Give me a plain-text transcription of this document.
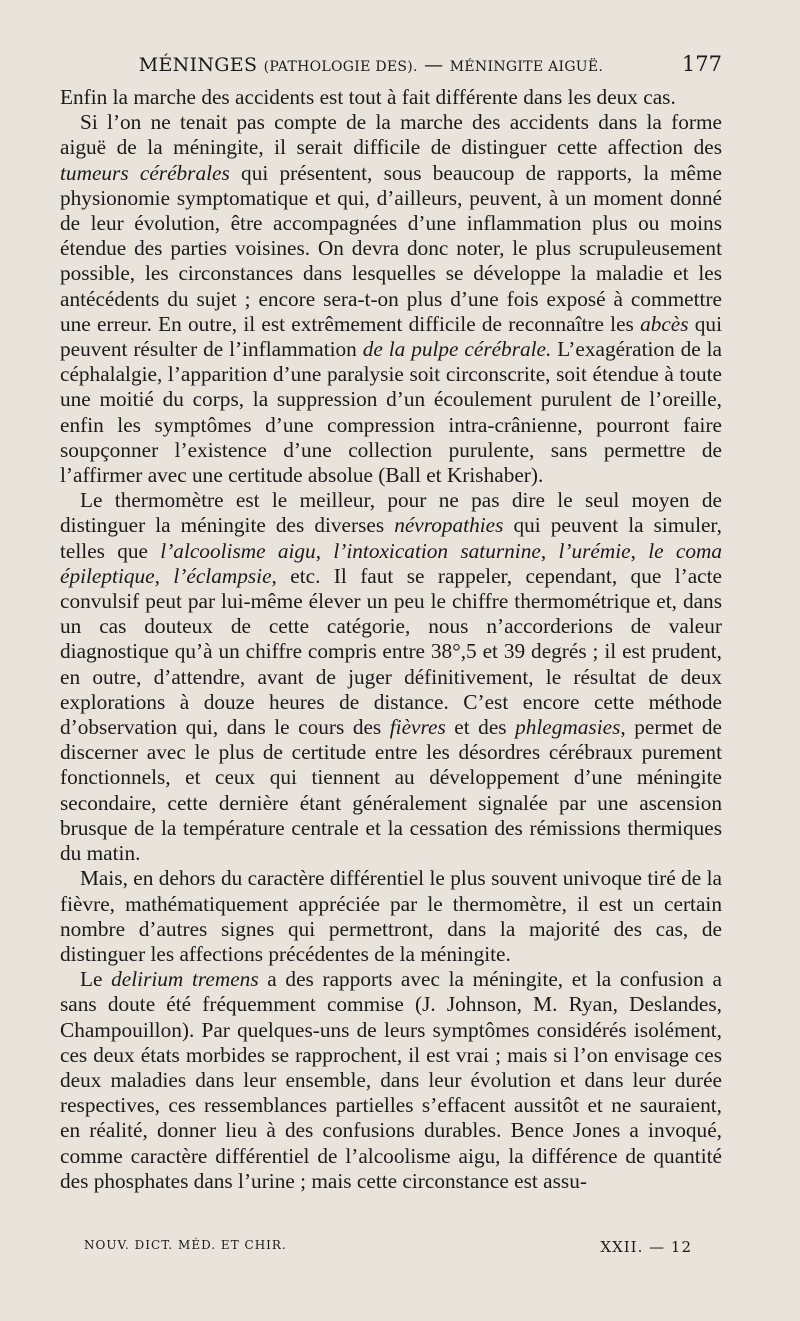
MÉNINGES (PATHOLOGIE DES). — MÉNINGITE AIGUË.	177

Enfin la marche des accidents est tout à fait différente dans les deux cas.

Si l’on ne tenait pas compte de la marche des accidents dans la forme aiguë de la méningite, il serait difficile de distinguer cette affection des tumeurs cérébrales qui présentent, sous beaucoup de rapports, la même physionomie symptomatique et qui, d’ailleurs, peuvent, à un moment donné de leur évolution, être accompagnées d’une inflammation plus ou moins étendue des parties voisines. On devra donc noter, le plus scrupuleusement possible, les circonstances dans lesquelles se développe la maladie et les antécédents du sujet ; encore sera-t-on plus d’une fois exposé à commettre une erreur. En outre, il est extrêmement difficile de reconnaître les abcès qui peuvent résulter de l’inflammation de la pulpe cérébrale. L’exagération de la céphalalgie, l’apparition d’une paralysie soit circonscrite, soit étendue à toute une moitié du corps, la suppression d’un écoulement purulent de l’oreille, enfin les symptômes d’une compression intra-crânienne, pourront faire soupçonner l’existence d’une collection purulente, sans permettre de l’affirmer avec une certitude absolue (Ball et Krishaber).

Le thermomètre est le meilleur, pour ne pas dire le seul moyen de distinguer la méningite des diverses névropathies qui peuvent la simuler, telles que l’alcoolisme aigu, l’intoxication saturnine, l’urémie, le coma épileptique, l’éclampsie, etc. Il faut se rappeler, cependant, que l’acte convulsif peut par lui-même élever un peu le chiffre thermométrique et, dans un cas douteux de cette catégorie, nous n’accorderions de valeur diagnostique qu’à un chiffre compris entre 38°,5 et 39 degrés ; il est prudent, en outre, d’attendre, avant de juger définitivement, le résultat de deux explorations à douze heures de distance. C’est encore cette méthode d’observation qui, dans le cours des fièvres et des phlegmasies, permet de discerner avec le plus de certitude entre les désordres cérébraux purement fonctionnels, et ceux qui tiennent au développement d’une méningite secondaire, cette dernière étant généralement signalée par une ascension brusque de la température centrale et la cessation des rémissions thermiques du matin.

Mais, en dehors du caractère différentiel le plus souvent univoque tiré de la fièvre, mathématiquement appréciée par le thermomètre, il est un certain nombre d’autres signes qui permettront, dans la majorité des cas, de distinguer les affections précédentes de la méningite.

Le delirium tremens a des rapports avec la méningite, et la confusion a sans doute été fréquemment commise (J. Johnson, M. Ryan, Deslandes, Champouillon). Par quelques-uns de leurs symptômes considérés isolément, ces deux états morbides se rapprochent, il est vrai ; mais si l’on envisage ces deux maladies dans leur ensemble, dans leur évolution et dans leur durée respectives, ces ressemblances partielles s’effacent aussitôt et ne sauraient, en réalité, donner lieu à des confusions durables. Bence Jones a invoqué, comme caractère différentiel de l’alcoolisme aigu, la différence de quantité des phosphates dans l’urine ; mais cette circonstance est assu-

NOUV. DICT. MÉD. ET CHIR.	XXII. — 12
